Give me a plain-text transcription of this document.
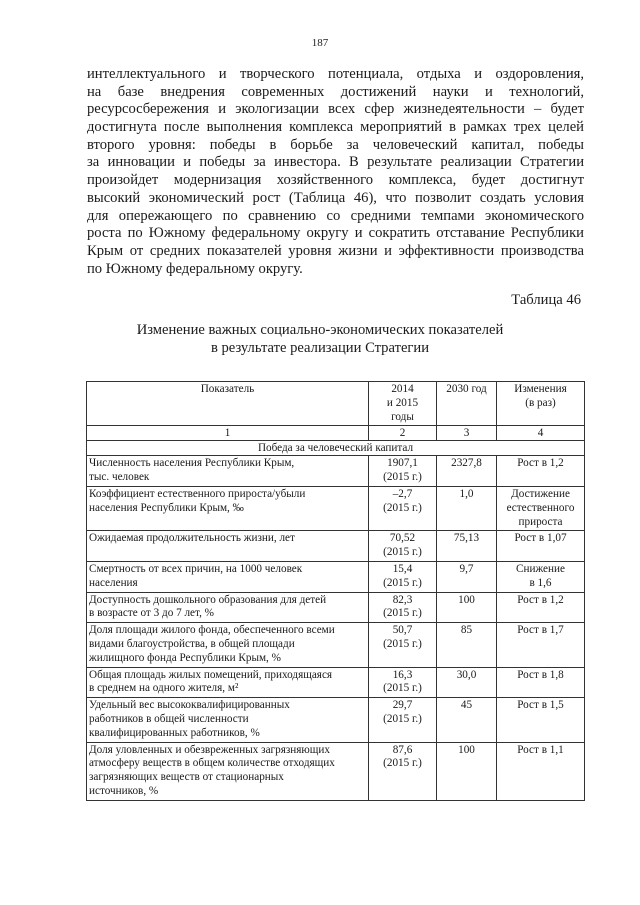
187

интеллектуального и творческого потенциала, отдыха и оздоровления,
на базе внедрения современных достижений науки и технологий,
ресурсосбережения и экологизации всех сфер жизнедеятельности – будет
достигнута после выполнения комплекса мероприятий в рамках трех целей
второго уровня: победы в борьбе за человеческий капитал, победы
за инновации и победы за инвестора. В результате реализации Стратегии
произойдет модернизация хозяйственного комплекса, будет достигнут
высокий экономический рост (Таблица 46), что позволит создать условия
для опережающего по сравнению со средними темпами экономического
роста по Южному федеральному округу и сократить отставание Республики
Крым от средних показателей уровня жизни и эффективности производства
по Южному федеральному округу.

Таблица 46

Изменение важных социально-экономических показателей
в результате реализации Стратегии
Показатель	2014
и 2015
годы	2030 год	Изменения
(в раз)

1	2	3	4
Победа за человеческий капитал			

Численность населения Республики Крым,
тыс. человек	1907,1
(2015 г.)	2327,8	Рост в 1,2

Коэффициент естественного прироста/убыли
населения Республики Крым, ‰	–2,7
(2015 г.)	1,0	Достижение
естественного
прироста

Ожидаемая продолжительность жизни, лет	70,52
(2015 г.)	75,13	Рост в 1,07

Смертность от всех причин, на 1000 человек
населения	15,4
(2015 г.)	9,7	Снижение
в 1,6

Доступность дошкольного образования для детей
в возрасте от 3 до 7 лет, %	82,3
(2015 г.)	100	Рост в 1,2

Доля площади жилого фонда, обеспеченного всеми
видами благоустройства, в общей площади
жилищного фонда Республики Крым, %	50,7
(2015 г.)	85	Рост в 1,7

Общая площадь жилых помещений, приходящаяся
в среднем на одного жителя, м²	16,3
(2015 г.)	30,0	Рост в 1,8

Удельный вес высококвалифицированных
работников в общей численности
квалифицированных работников, %	29,7
(2015 г.)	45	Рост в 1,5

Доля уловленных и обезвреженных загрязняющих
атмосферу веществ в общем количестве отходящих
загрязняющих веществ от стационарных
источников, %	87,6
(2015 г.)	100	Рост в 1,1
